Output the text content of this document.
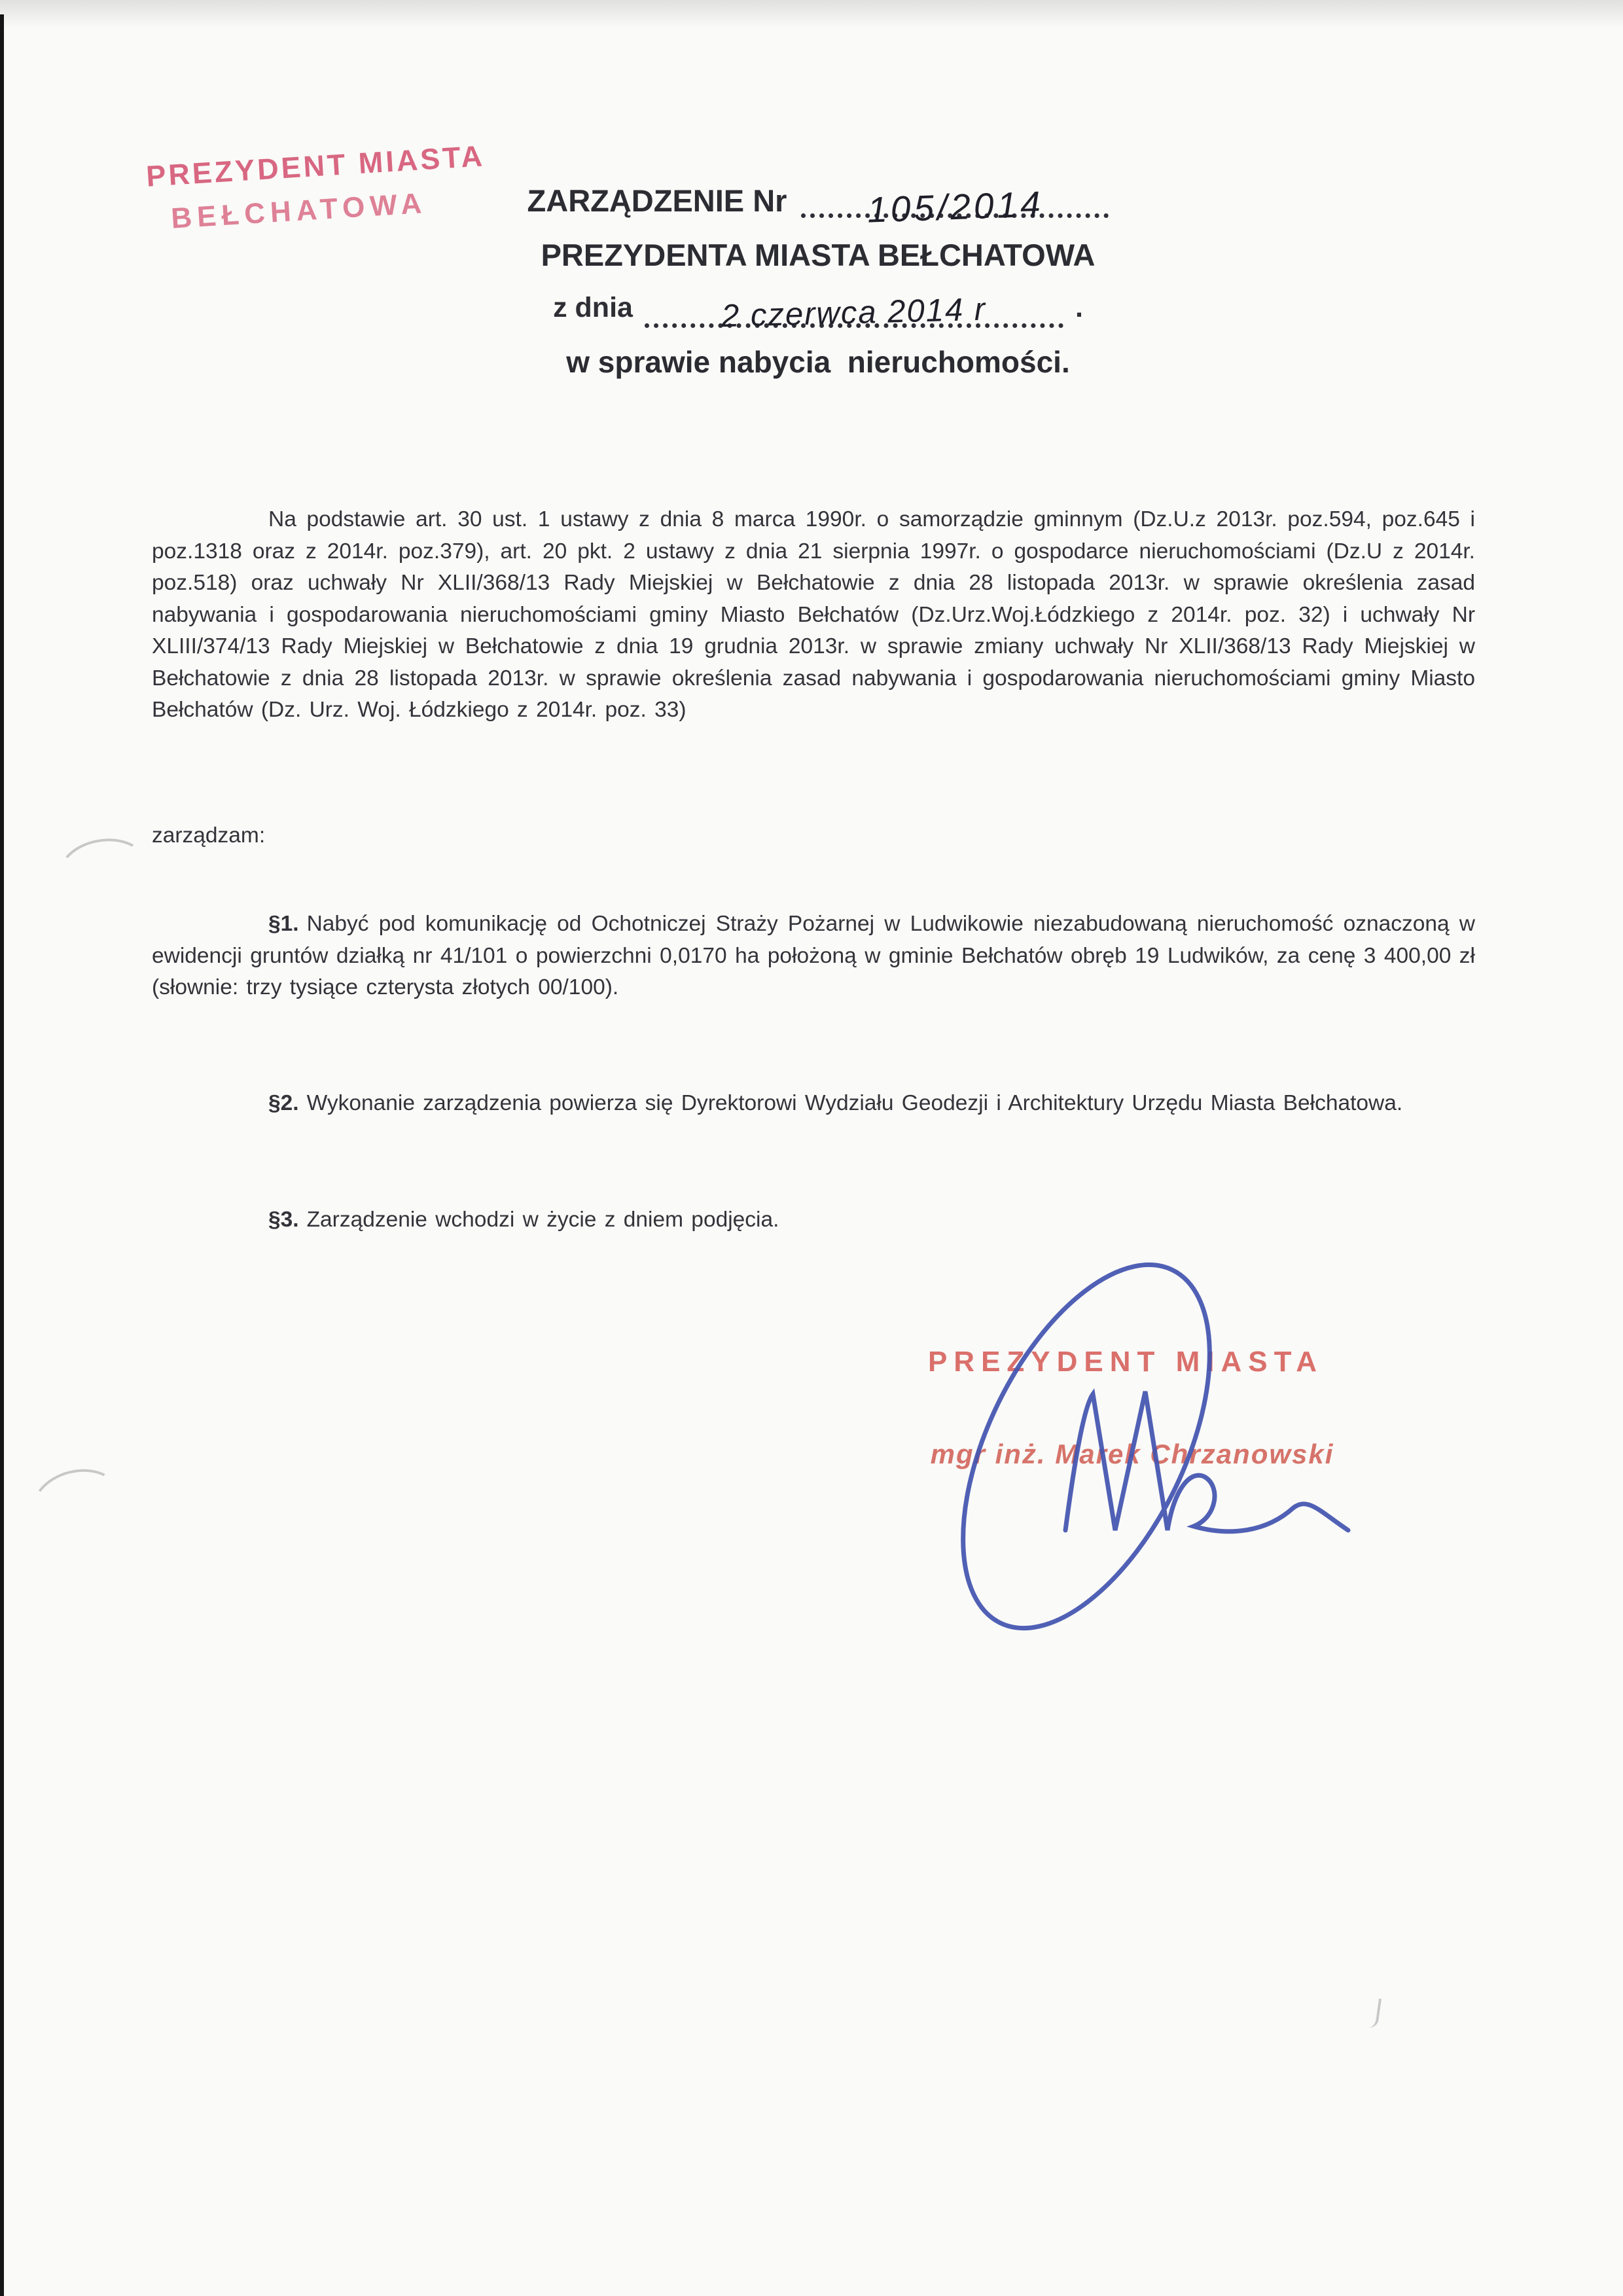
PREZYDENT MIASTA
BEŁCHATOWA	ZARZĄDZENIE Nr 105/2014
PREZYDENTA MIASTA BEŁCHATOWA
z dnia	2 czerwca 2014 r	.
w sprawie nabycia  nieruchomości.

Na podstawie art. 30 ust. 1 ustawy z dnia 8 marca 1990r. o samorządzie gminnym (Dz.U.z 2013r. poz.594, poz.645 i poz.1318 oraz z 2014r. poz.379), art. 20 pkt. 2 ustawy z dnia 21 sierpnia 1997r. o gospodarce nieruchomościami (Dz.U z 2014r. poz.518) oraz uchwały Nr XLII/368/13 Rady Miejskiej w Bełchatowie z dnia 28 listopada 2013r. w sprawie określenia zasad nabywania i gospodarowania nieruchomościami gminy Miasto Bełchatów (Dz.Urz.Woj.Łódzkiego z 2014r. poz. 32) i uchwały Nr XLIII/374/13 Rady Miejskiej w Bełchatowie z dnia 19 grudnia 2013r. w sprawie zmiany uchwały Nr XLII/368/13 Rady Miejskiej w Bełchatowie z dnia 28 listopada 2013r. w sprawie określenia zasad nabywania i gospodarowania nieruchomościami gminy Miasto Bełchatów (Dz. Urz. Woj. Łódzkiego z 2014r. poz. 33)

zarządzam:

§1. Nabyć pod komunikację od Ochotniczej Straży Pożarnej w Ludwikowie niezabudowaną nieruchomość oznaczoną w ewidencji gruntów działką nr 41/101 o powierzchni 0,0170 ha położoną w gminie Bełchatów obręb 19 Ludwików, za cenę 3 400,00 zł (słownie: trzy tysiące czterysta złotych 00/100).

§2. Wykonanie zarządzenia powierza się Dyrektorowi Wydziału Geodezji i Architektury Urzędu Miasta Bełchatowa.

§3. Zarządzenie wchodzi w życie z dniem podjęcia.

PREZYDENT MIASTA
mgr inż. Marek Chrzanowski
